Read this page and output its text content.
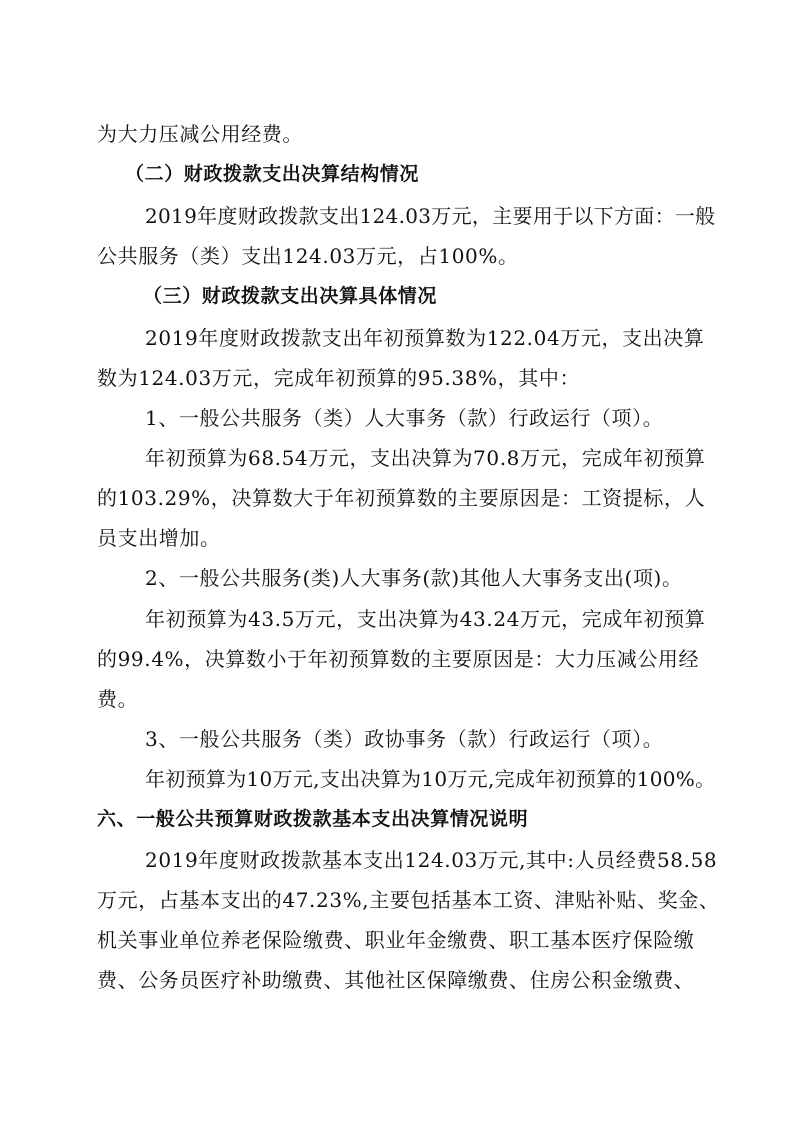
为大力压减公用经费。
（二）财政拨款支出决算结构情况
2019年度财政拨款支出124.03万元，主要用于以下方面：一般
公共服务（类）支出124.03万元，占100%。
（三）财政拨款支出决算具体情况
2019年度财政拨款支出年初预算数为122.04万元，支出决算
数为124.03万元，完成年初预算的95.38%，其中：
1、一般公共服务（类）人大事务（款）行政运行（项）。
年初预算为68.54万元，支出决算为70.8万元，完成年初预算
的103.29%，决算数大于年初预算数的主要原因是：工资提标，人
员支出增加。
2、一般公共服务(类)人大事务(款)其他人大事务支出(项)。
年初预算为43.5万元，支出决算为43.24万元，完成年初预算
的99.4%，决算数小于年初预算数的主要原因是：大力压减公用经
费。
3、一般公共服务（类）政协事务（款）行政运行（项）。
年初预算为10万元,支出决算为10万元,完成年初预算的100%。
六、一般公共预算财政拨款基本支出决算情况说明
2019年度财政拨款基本支出124.03万元,其中:人员经费58.58
万元，占基本支出的47.23%,主要包括基本工资、津贴补贴、奖金、
机关事业单位养老保险缴费、职业年金缴费、职工基本医疗保险缴
费、公务员医疗补助缴费、其他社区保障缴费、住房公积金缴费、
